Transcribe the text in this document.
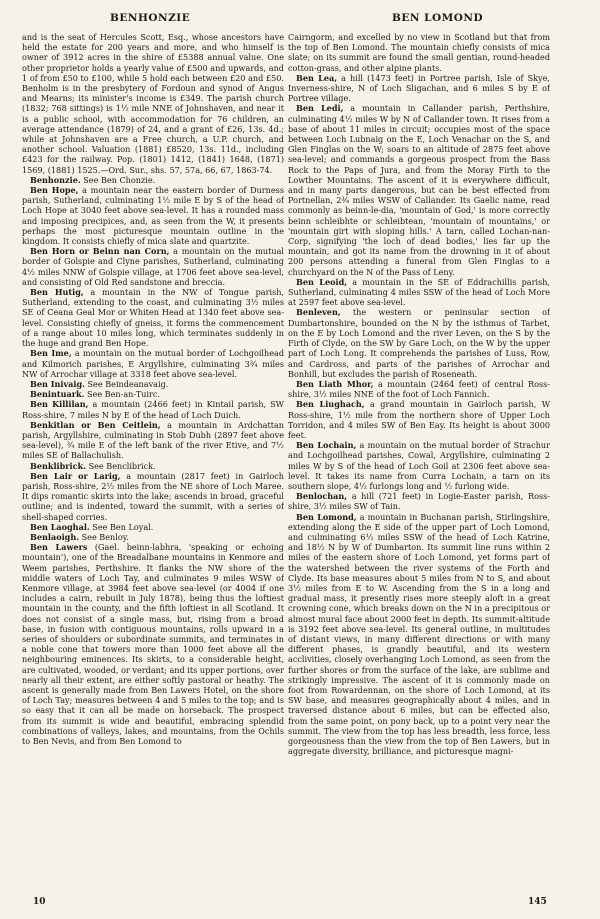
BENHONZIE	BEN LOMOND

and is the seat of Hercules Scott, Esq., whose ancestors have held the estate for 200 years and more, and who himself is owner of 3912 acres in the shire of £5388 annual value. One other proprietor holds a yearly value of £500 and upwards, and 1 of from £50 to £100, while 5 hold each between £20 and £50. Benholm is in the presbytery of Fordoun and synod of Angus and Mearns; its minister's income is £349. The parish church (1832; 768 sittings) is 1½ mile NNE of Johnshaven, and near it is a public school, with accommodation for 76 children, an average attendance (1879) of 24, and a grant of £26, 13s. 4d.; while at Johnshaven are a Free church, a U.P. church, and another school. Valuation (1881) £8520, 13s. 11d., including £423 for the railway. Pop. (1801) 1412, (1841) 1648, (1871) 1569, (1881) 1525.—Ord. Sur., shs. 57, 57a, 66, 67, 1863-74.

Benhonzie. See Ben Chonzie.

Ben Hope, a mountain near the eastern border of Durness parish, Sutherland, culminating 1½ mile E by S of the head of Loch Hope at 3040 feet above sea-level. It has a rounded mass and imposing precipices, and, as seen from the W, it presents perhaps the most picturesque mountain outline in the kingdom. It consists chiefly of mica slate and quartzite.

Ben Horn or Beinn nan Corn, a mountain on the mutual border of Golspie and Clyne parishes, Sutherland, culminating 4½ miles NNW of Golspie village, at 1706 feet above sea-level, and consisting of Old Red sandstone and breccia.

Ben Hutig, a mountain in the NW of Tongue parish, Sutherland, extending to the coast, and culminating 3½ miles SE of Ceana Geal Mor or Whiten Head at 1340 feet above sea-level. Consisting chiefly of gneiss, it forms the commencement of a range about 10 miles long, which terminates suddenly in the huge and grand Ben Hope.

Ben Ime, a mountain on the mutual border of Lochgoilhead and Kilmorich parishes, E Argyllshire, culminating 3¾ miles NW of Arrochar village at 3318 feet above sea-level.

Ben Inivaig. See Beindeanavaig.

Benintuark. See Ben-an-Tuirc.

Ben Killilan, a mountain (2466 feet) in Kintail parish, SW Ross-shire, 7 miles N by E of the head of Loch Duich.

Benkitlan or Ben Ceitlein, a mountain in Ardchattan parish, Argyllshire, culminating in Stob Dubh (2897 feet above sea-level), ¾ mile E of the left bank of the river Etive, and 7½ miles SE of Ballachulish.

Benklibrick. See Benclibrick.

Ben Lair or Larig, a mountain (2817 feet) in Gairloch parish, Ross-shire, 2½ miles from the NE shore of Loch Maree. It dips romantic skirts into the lake; ascends in broad, graceful outline; and is indented, toward the summit, with a series of shell-shaped corries.

Ben Laoghal. See Ben Loyal.

Benlaoigh. See Benloy.

Ben Lawers (Gael. beinn-labhra, 'speaking or echoing mountain'), one of the Breadalbane mountains in Kenmore and Weem parishes, Perthshire. It flanks the NW shore of the middle waters of Loch Tay, and culminates 9 miles WSW of Kenmore village, at 3984 feet above sea-level (or 4004 if one includes a cairn, rebuilt in July 1878), being thus the loftiest mountain in the county, and the fifth loftiest in all Scotland. It does not consist of a single mass, but, rising from a broad base, in fusion with contiguous mountains, rolls upward in a series of shoulders or subordinate summits, and terminates in a noble cone that towers more than 1000 feet above all the neighbouring eminences. Its skirts, to a considerable height, are cultivated, wooded, or verdant; and its upper portions, over nearly all their extent, are either softly pastoral or heathy. The ascent is generally made from Ben Lawers Hotel, on the shore of Loch Tay; measures between 4 and 5 miles to the top; and is so easy that it can all be made on horseback. The prospect from its summit is wide and beautiful, embracing splendid combinations of valleys, lakes, and mountains, from the Ochils to Ben Nevis, and from Ben Lomond to

Cairngorm, and excelled by no view in Scotland but that from the top of Ben Lomond. The mountain chiefly consists of mica slate; on its summit are found the small gentian, round-headed cotton-grass, and other alpine plants.

Ben Lea, a hill (1473 feet) in Portree parish, Isle of Skye, Inverness-shire, N of Loch Sligachan, and 6 miles S by E of Portree village.

Ben Ledi, a mountain in Callander parish, Perthshire, culminating 4½ miles W by N of Callander town. It rises from a base of about 11 miles in circuit; occupies most of the space between Loch Lubnaig on the E, Loch Venachar on the S, and Glen Finglas on the W; soars to an altitude of 2875 feet above sea-level; and commands a gorgeous prospect from the Bass Rock to the Paps of Jura, and from the Moray Firth to the Lowther Mountains. The ascent of it is everywhere difficult, and in many parts dangerous, but can be best effected from Portnellan, 2¾ miles WSW of Callander. Its Gaelic name, read commonly as beinn-le-dia, 'mountain of God,' is more correctly beinn schleibhte or schleibtean, 'mountain of mountains,' or 'mountain girt with sloping hills.' A tarn, called Lochan-nan-Corp, signifying 'the loch of dead bodies,' lies far up the mountain, and got its name from the drowning in it of about 200 persons attending a funeral from Glen Finglas to a churchyard on the N of the Pass of Leny.

Ben Leoid, a mountain in the SE of Eddrachillis parish, Sutherland, culminating 4 miles SSW of the head of Loch More at 2597 feet above sea-level.

Benleven, the western or peninsular section of Dumbartonshire, bounded on the N by the isthmus of Tarbet, on the E by Loch Lomond and the river Leven, on the S by the Firth of Clyde, on the SW by Gare Loch, on the W by the upper part of Loch Long. It comprehends the parishes of Luss, Row, and Cardross, and parts of the parishes of Arrochar and Bonhill, but excludes the parish of Roseneath.

Ben Liath Mhor, a mountain (2464 feet) of central Ross-shire, 3½ miles NNE of the foot of Loch Fannich.

Ben Liughach, a grand mountain in Gairloch parish, W Ross-shire, 1½ mile from the northern shore of Upper Loch Torridon, and 4 miles SW of Ben Eay. Its height is about 3000 feet.

Ben Lochain, a mountain on the mutual border of Strachur and Lochgoilhead parishes, Cowal, Argyllshire, culminating 2 miles W by S of the head of Loch Goil at 2306 feet above sea-level. It takes its name from Curra Lochain, a tarn on its southern slope, 4½ furlongs long and ½ furlong wide.

Benlochan, a hill (721 feet) in Logie-Easter parish, Ross-shire, 3½ miles SW of Tain.

Ben Lomond, a mountain in Buchanan parish, Stirlingshire, extending along the E side of the upper part of Loch Lomond, and culminating 6½ miles SSW of the head of Loch Katrine, and 18½ N by W of Dumbarton. Its summit line runs within 2 miles of the eastern shore of Loch Lomond, yet forms part of the watershed between the river systems of the Forth and Clyde. Its base measures about 5 miles from N to S, and about 3½ miles from E to W. Ascending from the S in a long and gradual mass, it presently rises more steeply aloft in a great crowning cone, which breaks down on the N in a precipitous or almost mural face about 2000 feet in depth. Its summit-altitude is 3192 feet above sea-level. Its general outline, in multitudes of distant views, in many different directions or with many different phases, is grandly beautiful, and its western acclivities, closely overhanging Loch Lomond, as seen from the further shores or from the surface of the lake, are sublime and strikingly impressive. The ascent of it is commonly made on foot from Rowardennan, on the shore of Loch Lomond, at its SW base, and measures geographically about 4 miles, and in traversed distance about 6 miles, but can be effected also, from the same point, on pony back, up to a point very near the summit. The view from the top has less breadth, less force, less gorgeousness than the view from the top of Ben Lawers, but in aggregate diversity, brilliance, and picturesque magni-

10	145
